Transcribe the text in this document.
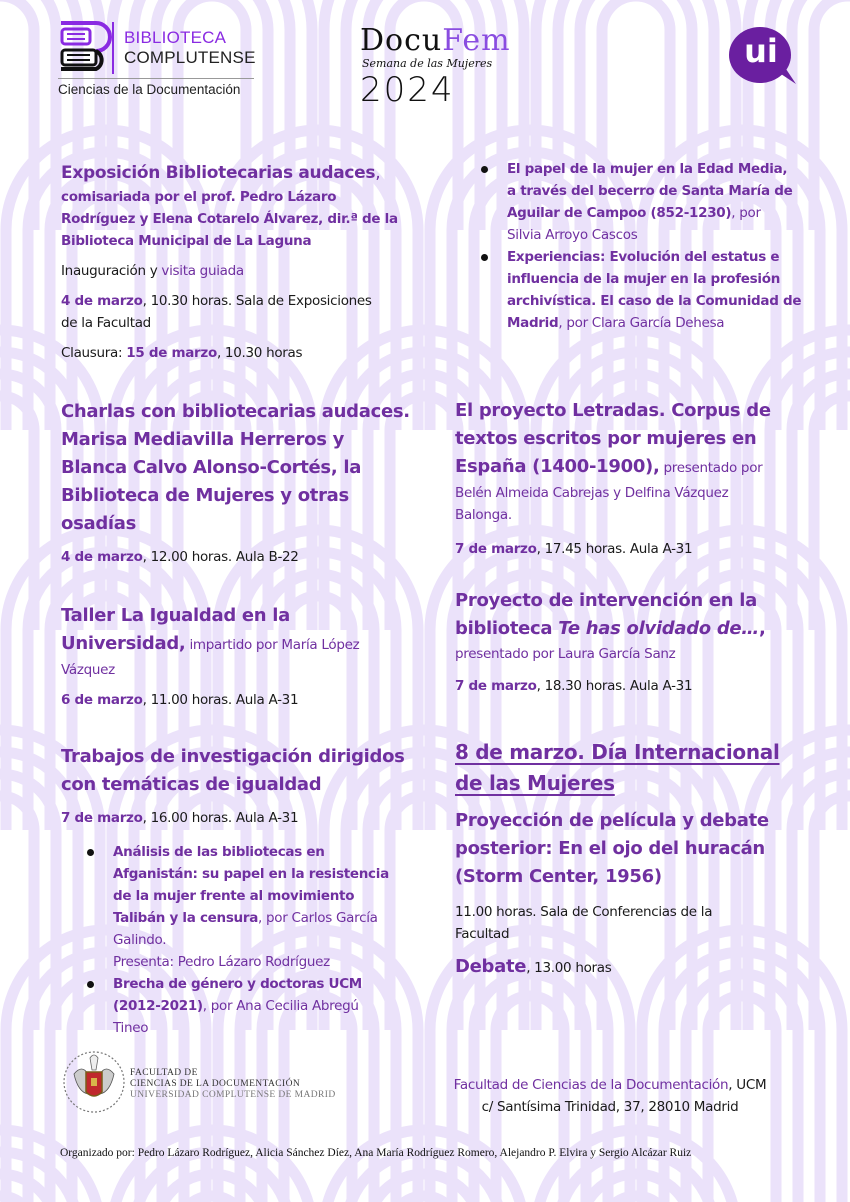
BIBLIOTECA
COMPLUTENSE
Ciencias de la Documentación
DocuFem
Semana de las Mujeres
2024
ui
Exposición Bibliotecarias audaces,
comisariada por el prof. Pedro Lázaro
Rodríguez y Elena Cotarelo Álvarez, dir.ª de la
Biblioteca Municipal de La Laguna
Inauguración y visita guiada
4 de marzo, 10.30 horas. Sala de Exposiciones
de la Facultad
Clausura: 15 de marzo, 10.30 horas
Charlas con bibliotecarias audaces.
Marisa Mediavilla Herreros y
Blanca Calvo Alonso-Cortés, la
Biblioteca de Mujeres y otras
osadías
4 de marzo, 12.00 horas. Aula B-22
Taller La Igualdad en la
Universidad, impartido por María López
Vázquez
6 de marzo, 11.00 horas. Aula A-31
Trabajos de investigación dirigidos
con temáticas de igualdad
7 de marzo, 16.00 horas. Aula A-31
Análisis de las bibliotecas en
Afganistán: su papel en la resistencia
de la mujer frente al movimiento
Talibán y la censura, por Carlos García
Galindo.
Presenta: Pedro Lázaro Rodríguez
Brecha de género y doctoras UCM
(2012-2021), por Ana Cecilia Abregú
Tineo
El papel de la mujer en la Edad Media,
a través del becerro de Santa María de
Aguilar de Campoo (852-1230), por
Silvia Arroyo Cascos
Experiencias: Evolución del estatus e
influencia de la mujer en la profesión
archivística. El caso de la Comunidad de
Madrid, por Clara García Dehesa
El proyecto Letradas. Corpus de
textos escritos por mujeres en
España (1400-1900), presentado por
Belén Almeida Cabrejas y Delfina Vázquez
Balonga.
7 de marzo, 17.45 horas. Aula A-31
Proyecto de intervención en la
biblioteca Te has olvidado de…,
presentado por Laura García Sanz
7 de marzo, 18.30 horas. Aula A-31
8 de marzo. Día Internacional
de las Mujeres
Proyección de película y debate
posterior: En el ojo del huracán
(Storm Center, 1956)
11.00 horas. Sala de Conferencias de la
Facultad
Debate, 13.00 horas
FACULTAD DE
CIENCIAS DE LA DOCUMENTACIÓN
UNIVERSIDAD COMPLUTENSE DE MADRID
Facultad de Ciencias de la Documentación, UCM
c/ Santísima Trinidad, 37, 28010 Madrid
Organizado por: Pedro Lázaro Rodríguez, Alicia Sánchez Díez, Ana María Rodríguez Romero, Alejandro P. Elvira y Sergio Alcázar Ruiz
